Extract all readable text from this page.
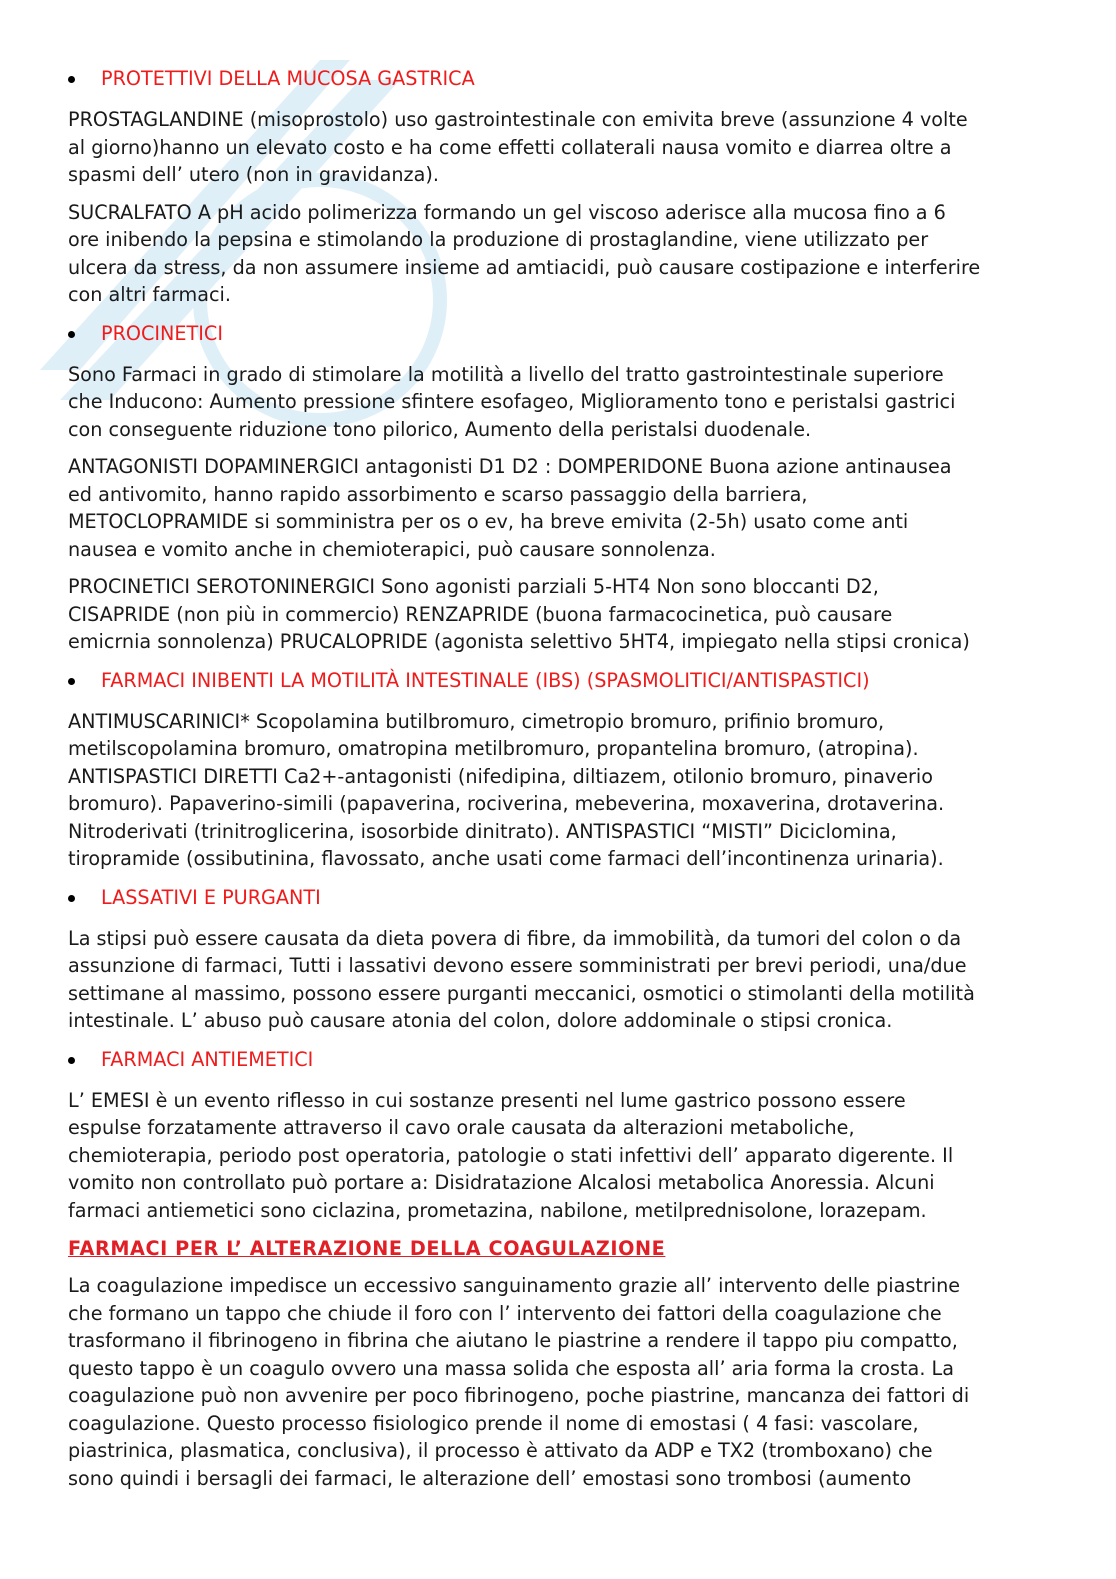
PROTETTIVI DELLA MUCOSA GASTRICA

PROSTAGLANDINE (misoprostolo) uso gastrointestinale con emivita breve (assunzione 4 volte
al giorno)hanno un elevato costo e ha come effetti collaterali nausa vomito e diarrea oltre a
spasmi dell’ utero (non in gravidanza).

SUCRALFATO A pH acido polimerizza formando un gel viscoso aderisce alla mucosa fino a 6
ore inibendo la pepsina e stimolando la produzione di prostaglandine, viene utilizzato per
ulcera da stress, da non assumere insieme ad amtiacidi, può causare costipazione e interferire
con altri farmaci.

PROCINETICI

Sono Farmaci in grado di stimolare la motilità a livello del tratto gastrointestinale superiore
che Inducono: Aumento pressione sfintere esofageo, Miglioramento tono e peristalsi gastrici
con conseguente riduzione tono pilorico, Aumento della peristalsi duodenale.

ANTAGONISTI DOPAMINERGICI antagonisti D1 D2 : DOMPERIDONE Buona azione antinausea
ed antivomito, hanno rapido assorbimento e scarso passaggio della barriera,
METOCLOPRAMIDE si somministra per os o ev, ha breve emivita (2-5h) usato come anti
nausea e vomito anche in chemioterapici, può causare sonnolenza.

PROCINETICI SEROTONINERGICI Sono agonisti parziali 5-HT4 Non sono bloccanti D2,
CISAPRIDE (non più in commercio) RENZAPRIDE (buona farmacocinetica, può causare
emicrnia sonnolenza) PRUCALOPRIDE (agonista selettivo 5HT4, impiegato nella stipsi cronica)

FARMACI INIBENTI LA MOTILITÀ INTESTINALE (IBS) (SPASMOLITICI/ANTISPASTICI)

ANTIMUSCARINICI* Scopolamina butilbromuro, cimetropio bromuro, prifinio bromuro,
metilscopolamina bromuro, omatropina metilbromuro, propantelina bromuro, (atropina).
ANTISPASTICI DIRETTI Ca2+-antagonisti (nifedipina, diltiazem, otilonio bromuro, pinaverio
bromuro). Papaverino-simili (papaverina, rociverina, mebeverina, moxaverina, drotaverina.
Nitroderivati (trinitroglicerina, isosorbide dinitrato). ANTISPASTICI “MISTI” Diciclomina,
tiropramide (ossibutinina, flavossato, anche usati come farmaci dell’incontinenza urinaria).

LASSATIVI E PURGANTI

La stipsi può essere causata da dieta povera di fibre, da immobilità, da tumori del colon o da
assunzione di farmaci, Tutti i lassativi devono essere somministrati per brevi periodi, una/due
settimane al massimo, possono essere purganti meccanici, osmotici o stimolanti della motilità
intestinale. L’ abuso può causare atonia del colon, dolore addominale o stipsi cronica.

FARMACI ANTIEMETICI

L’ EMESI è un evento riflesso in cui sostanze presenti nel lume gastrico possono essere
espulse forzatamente attraverso il cavo orale causata da alterazioni metaboliche,
chemioterapia, periodo post operatoria, patologie o stati infettivi dell’ apparato digerente. Il
vomito non controllato può portare a: Disidratazione Alcalosi metabolica Anoressia. Alcuni
farmaci antiemetici sono ciclazina, prometazina, nabilone, metilprednisolone, lorazepam.

FARMACI PER L’ ALTERAZIONE DELLA COAGULAZIONE

La coagulazione impedisce un eccessivo sanguinamento grazie all’ intervento delle piastrine
che formano un tappo che chiude il foro con l’ intervento dei fattori della coagulazione che
trasformano il fibrinogeno in fibrina che aiutano le piastrine a rendere il tappo piu compatto,
questo tappo è un coagulo ovvero una massa solida che esposta all’ aria forma la crosta. La
coagulazione può non avvenire per poco fibrinogeno, poche piastrine, mancanza dei fattori di
coagulazione. Questo processo fisiologico prende il nome di emostasi ( 4 fasi: vascolare,
piastrinica, plasmatica, conclusiva), il processo è attivato da ADP e TX2 (tromboxano) che
sono quindi i bersagli dei farmaci, le alterazione dell’ emostasi sono trombosi (aumento
